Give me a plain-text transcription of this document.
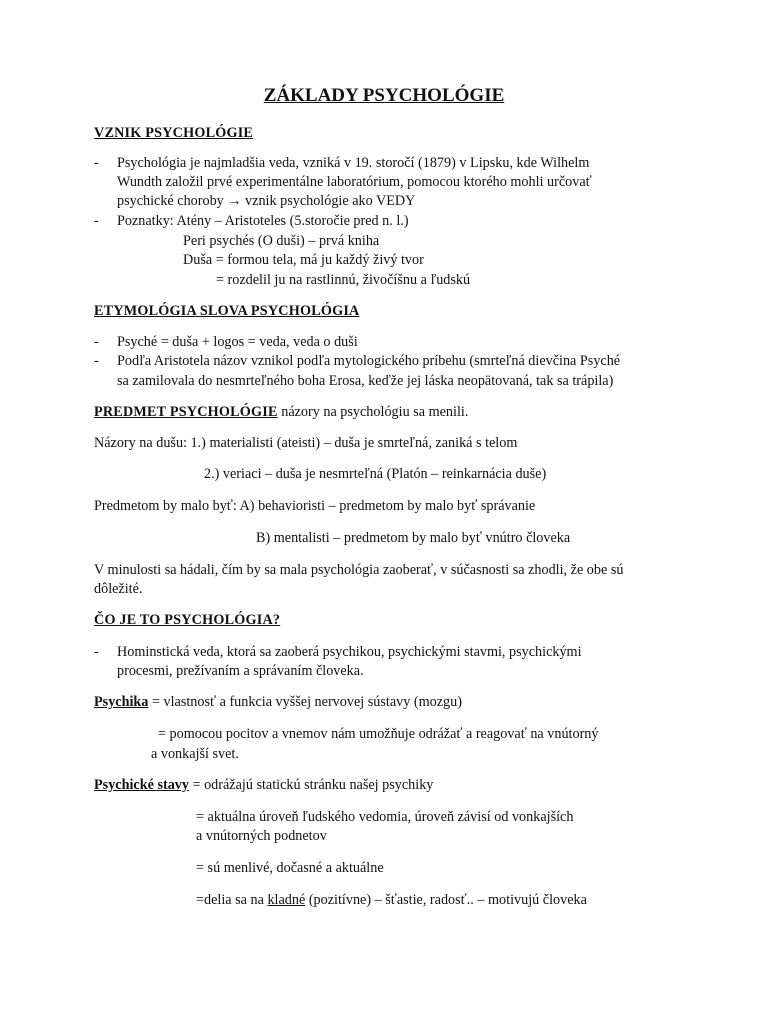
ZÁKLADY PSYCHOLÓGIE
VZNIK PSYCHOLÓGIE
- Psychológia je najmladšia veda, vzniká v 19. storočí (1879) v Lipsku, kde Wilhelm
Wundth založil prvé experimentálne laboratórium, pomocou ktorého mohli určovať
psychické choroby → vznik psychológie ako VEDY
- Poznatky: Atény – Aristoteles (5.storočie pred n. l.)
Peri psychés (O duši) – prvá kniha
Duša = formou tela, má ju každý živý tvor
= rozdelil ju na rastlinnú, živočíšnu a ľudskú
ETYMOLÓGIA SLOVA PSYCHOLÓGIA
- Psyché = duša + logos = veda, veda o duši
- Podľa Aristotela názov vznikol podľa mytologického príbehu (smrteľná dievčina Psyché
sa zamilovala do nesmrteľného boha Erosa, keďže jej láska neopätovaná, tak sa trápila)
PREDMET PSYCHOLÓGIE názory na psychológiu sa menili.
Názory na dušu: 1.) materialisti (ateisti) – duša je smrteľná, zaniká s telom
2.) veriaci – duša je nesmrteľná (Platón – reinkarnácia duše)
Predmetom by malo byť: A) behavioristi – predmetom by malo byť správanie
B) mentalisti – predmetom by malo byť vnútro človeka
V minulosti sa hádali, čím by sa mala psychológia zaoberať, v súčasnosti sa zhodli, že obe sú
dôležité.
ČO JE TO PSYCHOLÓGIA?
- Hominstická veda, ktorá sa zaoberá psychikou, psychickými stavmi, psychickými
procesmi, prežívaním a správaním človeka.
Psychika = vlastnosť a funkcia vyššej nervovej sústavy (mozgu)
= pomocou pocitov a vnemov nám umožňuje odrážať a reagovať na vnútorný
a vonkajší svet.
Psychické stavy = odrážajú statickú stránku našej psychiky
= aktuálna úroveň ľudského vedomia, úroveň závisí od vonkajších
a vnútorných podnetov
= sú menlivé, dočasné a aktuálne
=delia sa na kladné (pozitívne) – šťastie, radosť.. – motivujú človeka
